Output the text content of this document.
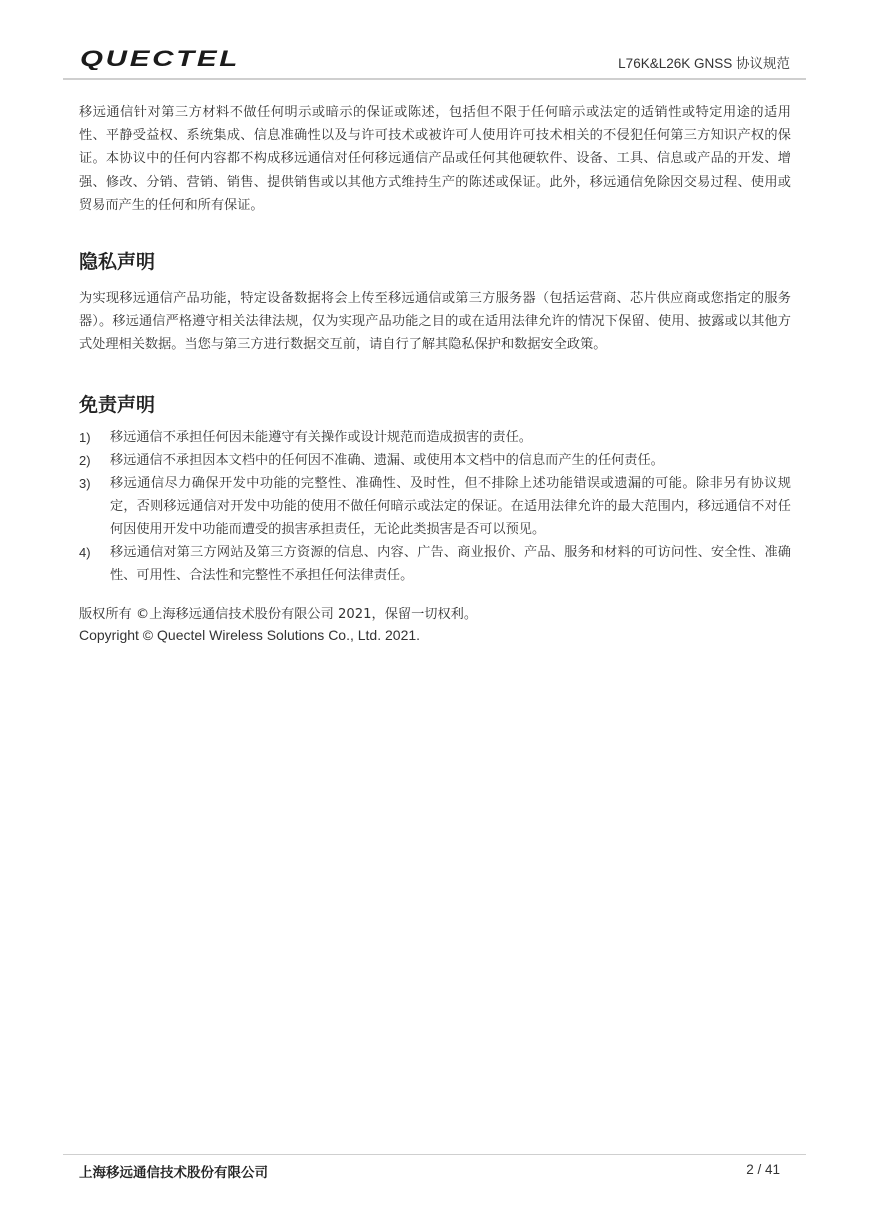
QUECTEL	L76K&L26K GNSS 协议规范

移远通信针对第三方材料不做任何明示或暗示的保证或陈述，包括但不限于任何暗示或法定的适销性或特定用途的适用性、平静受益权、系统集成、信息准确性以及与许可技术或被许可人使用许可技术相关的不侵犯任何第三方知识产权的保证。本协议中的任何内容都不构成移远通信对任何移远通信产品或任何其他硬软件、设备、工具、信息或产品的开发、增强、修改、分销、营销、销售、提供销售或以其他方式维持生产的陈述或保证。此外，移远通信免除因交易过程、使用或贸易而产生的任何和所有保证。

隐私声明

为实现移远通信产品功能，特定设备数据将会上传至移远通信或第三方服务器（包括运营商、芯片供应商或您指定的服务器）。移远通信严格遵守相关法律法规，仅为实现产品功能之目的或在适用法律允许的情况下保留、使用、披露或以其他方式处理相关数据。当您与第三方进行数据交互前，请自行了解其隐私保护和数据安全政策。

免责声明
1) 移远通信不承担任何因未能遵守有关操作或设计规范而造成损害的责任。
2) 移远通信不承担因本文档中的任何因不准确、遗漏、或使用本文档中的信息而产生的任何责任。
3) 移远通信尽力确保开发中功能的完整性、准确性、及时性，但不排除上述功能错误或遗漏的可能。除非另有协议规定，否则移远通信对开发中功能的使用不做任何暗示或法定的保证。在适用法律允许的最大范围内，移远通信不对任何因使用开发中功能而遭受的损害承担责任，无论此类损害是否可以预见。
4) 移远通信对第三方网站及第三方资源的信息、内容、广告、商业报价、产品、服务和材料的可访问性、安全性、准确性、可用性、合法性和完整性不承担任何法律责任。
版权所有 ©上海移远通信技术股份有限公司 2021，保留一切权利。
Copyright © Quectel Wireless Solutions Co., Ltd. 2021.
上海移远通信技术股份有限公司	2 / 41
